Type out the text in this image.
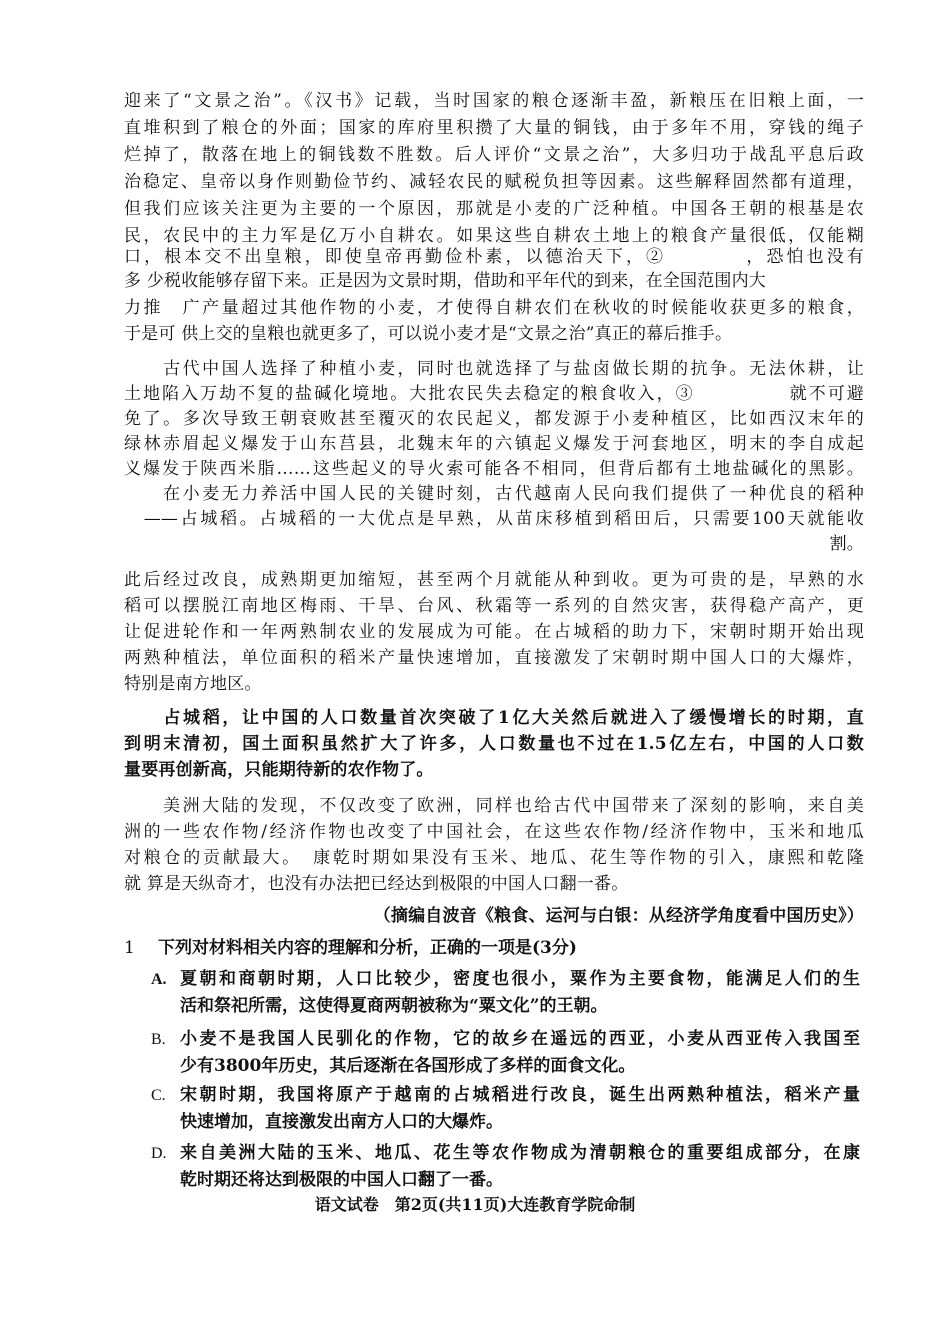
迎来了“文景之治”。《汉书》记载，当时国家的粮仓逐渐丰盈，新粮压在旧粮上面，一
直堆积到了粮仓的外面；国家的库府里积攒了大量的铜钱，由于多年不用，穿钱的绳子
烂掉了，散落在地上的铜钱数不胜数。后人评价“文景之治”，大多归功于战乱平息后政
治稳定、皇帝以身作则勤俭节约、减轻农民的赋税负担等因素。这些解释固然都有道理，
但我们应该关注更为主要的一个原因，那就是小麦的广泛种植。中国各王朝的根基是农
民，农民中的主力军是亿万小自耕农。如果这些自耕农土地上的粮食产量很低，仅能糊
口，根本交不出皇粮，即使皇帝再勤俭朴素，以德治天下，②　　　　，恐怕也没有
多 少税收能够存留下来。正是因为文景时期，借助和平年代的到来，在全国范围内大
力推　广产量超过其他作物的小麦，才使得自耕农们在秋收的时候能收获更多的粮食，
于是可 供上交的皇粮也就更多了，可以说小麦才是“文景之治”真正的幕后推手。
　　古代中国人选择了种植小麦，同时也就选择了与盐卤做长期的抗争。无法休耕，让
土地陷入万劫不复的盐碱化境地。大批农民失去稳定的粮食收入，③　　　　　就不可避
免了。多次导致王朝衰败甚至覆灭的农民起义，都发源于小麦种植区，比如西汉末年的
绿林赤眉起义爆发于山东莒县，北魏末年的六镇起义爆发于河套地区，明末的李自成起
义爆发于陕西米脂……这些起义的导火索可能各不相同，但背后都有土地盐碱化的黑影。
　　在小麦无力养活中国人民的关键时刻，古代越南人民向我们提供了一种优良的稻种
　——占城稻。占城稻的一大优点是早熟，从苗床移植到稻田后，只需要100天就能收
割。
此后经过改良，成熟期更加缩短，甚至两个月就能从种到收。更为可贵的是，早熟的水
稻可以摆脱江南地区梅雨、干旱、台风、秋霜等一系列的自然灾害，获得稳产高产，更
让促进轮作和一年两熟制农业的发展成为可能。在占城稻的助力下，宋朝时期开始出现
两熟种植法，单位面积的稻米产量快速增加，直接激发了宋朝时期中国人口的大爆炸，
特别是南方地区。
　　占城稻，让中国的人口数量首次突破了1亿大关然后就进入了缓慢增长的时期，直
到明末清初，国土面积虽然扩大了许多，人口数量也不过在1.5亿左右，中国的人口数
量要再创新高，只能期待新的农作物了。
　　美洲大陆的发现，不仅改变了欧洲，同样也给古代中国带来了深刻的影响，来自美
洲的一些农作物/经济作物也改变了中国社会，在这些农作物/经济作物中，玉米和地瓜
对粮仓的贡献最大。　康乾时期如果没有玉米、地瓜、花生等作物的引入，康熙和乾隆
就 算是天纵奇才，也没有办法把已经达到极限的中国人口翻一番。
（摘编自波音《粮食、运河与白银：从经济学角度看中国历史》）
1 下列对材料相关内容的理解和分析，正确的一项是(3分)
A. 夏朝和商朝时期，人口比较少，密度也很小，粟作为主要食物，能满足人们的生
活和祭祀所需，这使得夏商两朝被称为“粟文化”的王朝。
B. 小麦不是我国人民驯化的作物，它的故乡在遥远的西亚，小麦从西亚传入我国至
少有3800年历史，其后逐渐在各国形成了多样的面食文化。
C. 宋朝时期，我国将原产于越南的占城稻进行改良，诞生出两熟种植法，稻米产量
快速增加，直接激发出南方人口的大爆炸。
D. 来自美洲大陆的玉米、地瓜、花生等农作物成为清朝粮仓的重要组成部分，在康
乾时期还将达到极限的中国人口翻了一番。
语文试卷　第2页(共11页)大连教育学院命制
